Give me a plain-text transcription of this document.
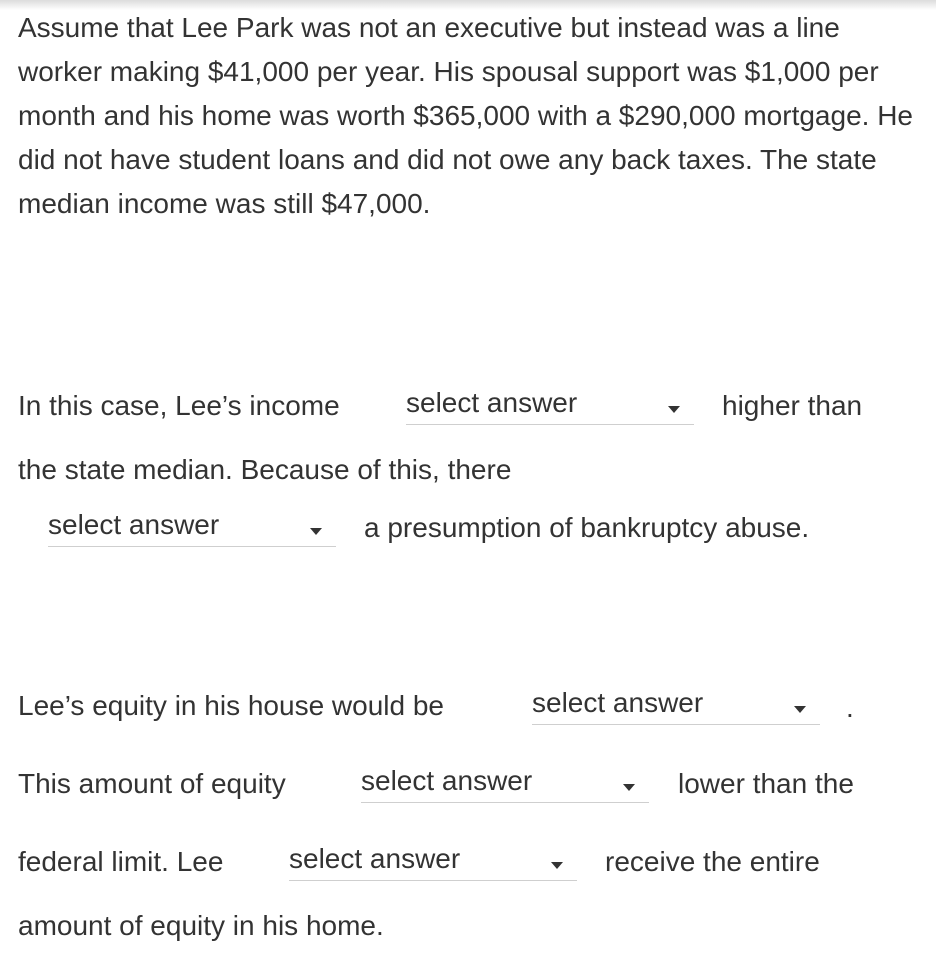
Assume that Lee Park was not an executive but instead was a line worker making $41,000 per year. His spousal support was $1,000 per month and his home was worth $365,000 with a $290,000 mortgage. He did not have student loans and did not owe any back taxes. The state median income was still $47,000.

In this case, Lee’s income select answer	higher than
the state median. Because of this, there
select answer	a presumption of bankruptcy abuse.
Lee’s equity in his house would be	select answer	.
This amount of equity	select answer	lower than the
federal limit. Lee select answer	receive the entire
amount of equity in his home.
